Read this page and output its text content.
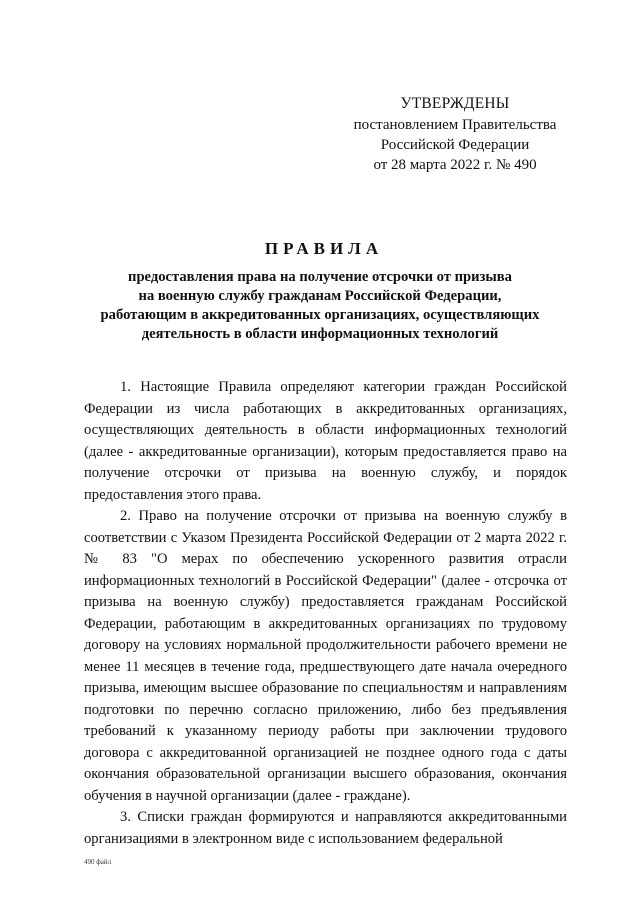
УТВЕРЖДЕНЫ
постановлением Правительства
Российской Федерации
от 28 марта 2022 г. № 490
ПРАВИЛА
предоставления права на получение отсрочки от призыва
на военную службу гражданам Российской Федерации,
работающим в аккредитованных организациях, осуществляющих
деятельность в области информационных технологий

1. Настоящие Правила определяют категории граждан Российской Федерации из числа работающих в аккредитованных организациях, осуществляющих деятельность в области информационных технологий (далее - аккредитованные организации), которым предоставляется право на получение отсрочки от призыва на военную службу, и порядок предоставления этого права.

2. Право на получение отсрочки от призыва на военную службу в соответствии с Указом Президента Российской Федерации от 2 марта 2022 г. № 83 "О мерах по обеспечению ускоренного развития отрасли информационных технологий в Российской Федерации" (далее - отсрочка от призыва на военную службу) предоставляется гражданам Российской Федерации, работающим в аккредитованных организациях по трудовому договору на условиях нормальной продолжительности рабочего времени не менее 11 месяцев в течение года, предшествующего дате начала очередного призыва, имеющим высшее образование по специальностям и направлениям подготовки по перечню согласно приложению, либо без предъявления требований к указанному периоду работы при заключении трудового договора с аккредитованной организацией не позднее одного года с даты окончания образовательной организации высшего образования, окончания обучения в научной организации (далее - граждане).

3. Списки граждан формируются и направляются аккредитованными организациями в электронном виде с использованием федеральной

490 файл
